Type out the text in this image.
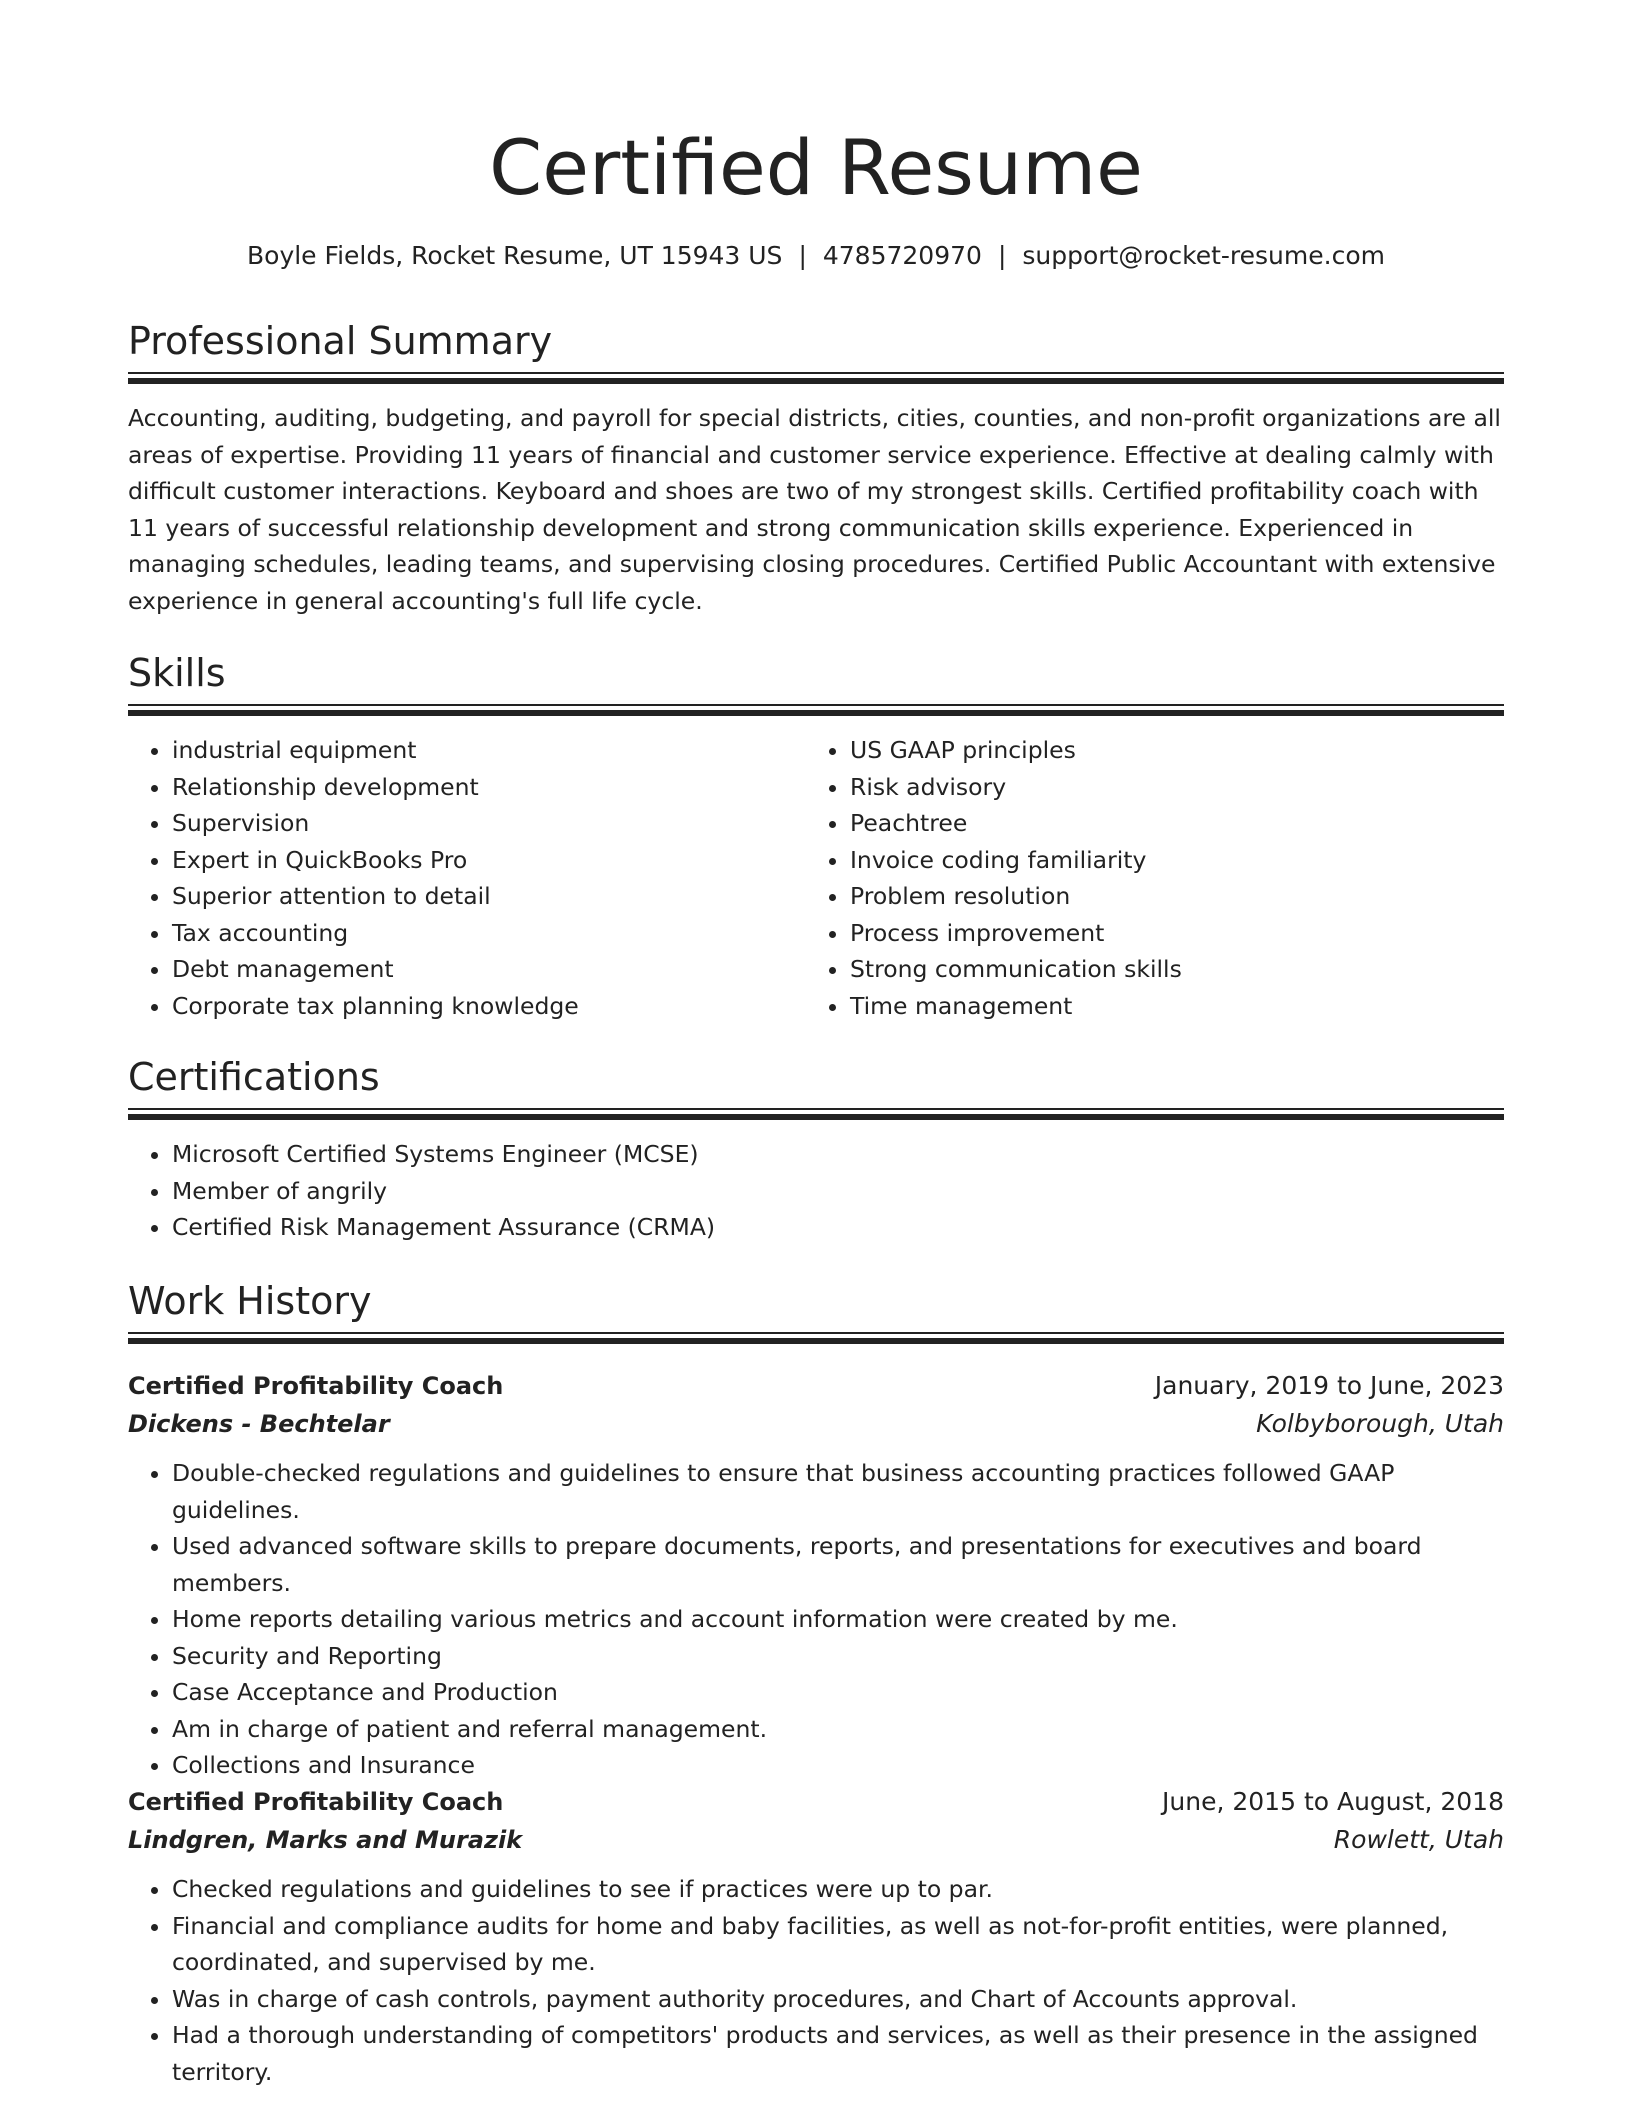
Certified Resume
Boyle Fields, Rocket Resume, UT 15943 US | 4785720970 | support@rocket-resume.com
Professional Summary

Accounting, auditing, budgeting, and payroll for special districts, cities, counties, and non-profit organizations are all areas of expertise. Providing 11 years of financial and customer service experience. Effective at dealing calmly with difficult customer interactions. Keyboard and shoes are two of my strongest skills. Certified profitability coach with 11 years of successful relationship development and strong communication skills experience. Experienced in managing schedules, leading teams, and supervising closing procedures. Certified Public Accountant with extensive experience in general accounting's full life cycle.

Skills
• industrial equipment
• Relationship development
• Supervision
• Expert in QuickBooks Pro
• Superior attention to detail
• Tax accounting
• Debt management
• Corporate tax planning knowledge
• US GAAP principles
• Risk advisory
• Peachtree
• Invoice coding familiarity
• Problem resolution
• Process improvement
• Strong communication skills
• Time management
Certifications
• Microsoft Certified Systems Engineer (MCSE)
• Member of angrily
• Certified Risk Management Assurance (CRMA)
Work History
Certified Profitability Coach	January, 2019 to June, 2023
Dickens - Bechtelar	Kolbyborough, Utah
• Double-checked regulations and guidelines to ensure that business accounting practices followed GAAP guidelines.
• Used advanced software skills to prepare documents, reports, and presentations for executives and board members.
• Home reports detailing various metrics and account information were created by me.
• Security and Reporting
• Case Acceptance and Production
• Am in charge of patient and referral management.
• Collections and Insurance
Certified Profitability Coach	June, 2015 to August, 2018
Lindgren, Marks and Murazik	Rowlett, Utah
• Checked regulations and guidelines to see if practices were up to par.
• Financial and compliance audits for home and baby facilities, as well as not-for-profit entities, were planned, coordinated, and supervised by me.
• Was in charge of cash controls, payment authority procedures, and Chart of Accounts approval.
• Had a thorough understanding of competitors' products and services, as well as their presence in the assigned territory.
